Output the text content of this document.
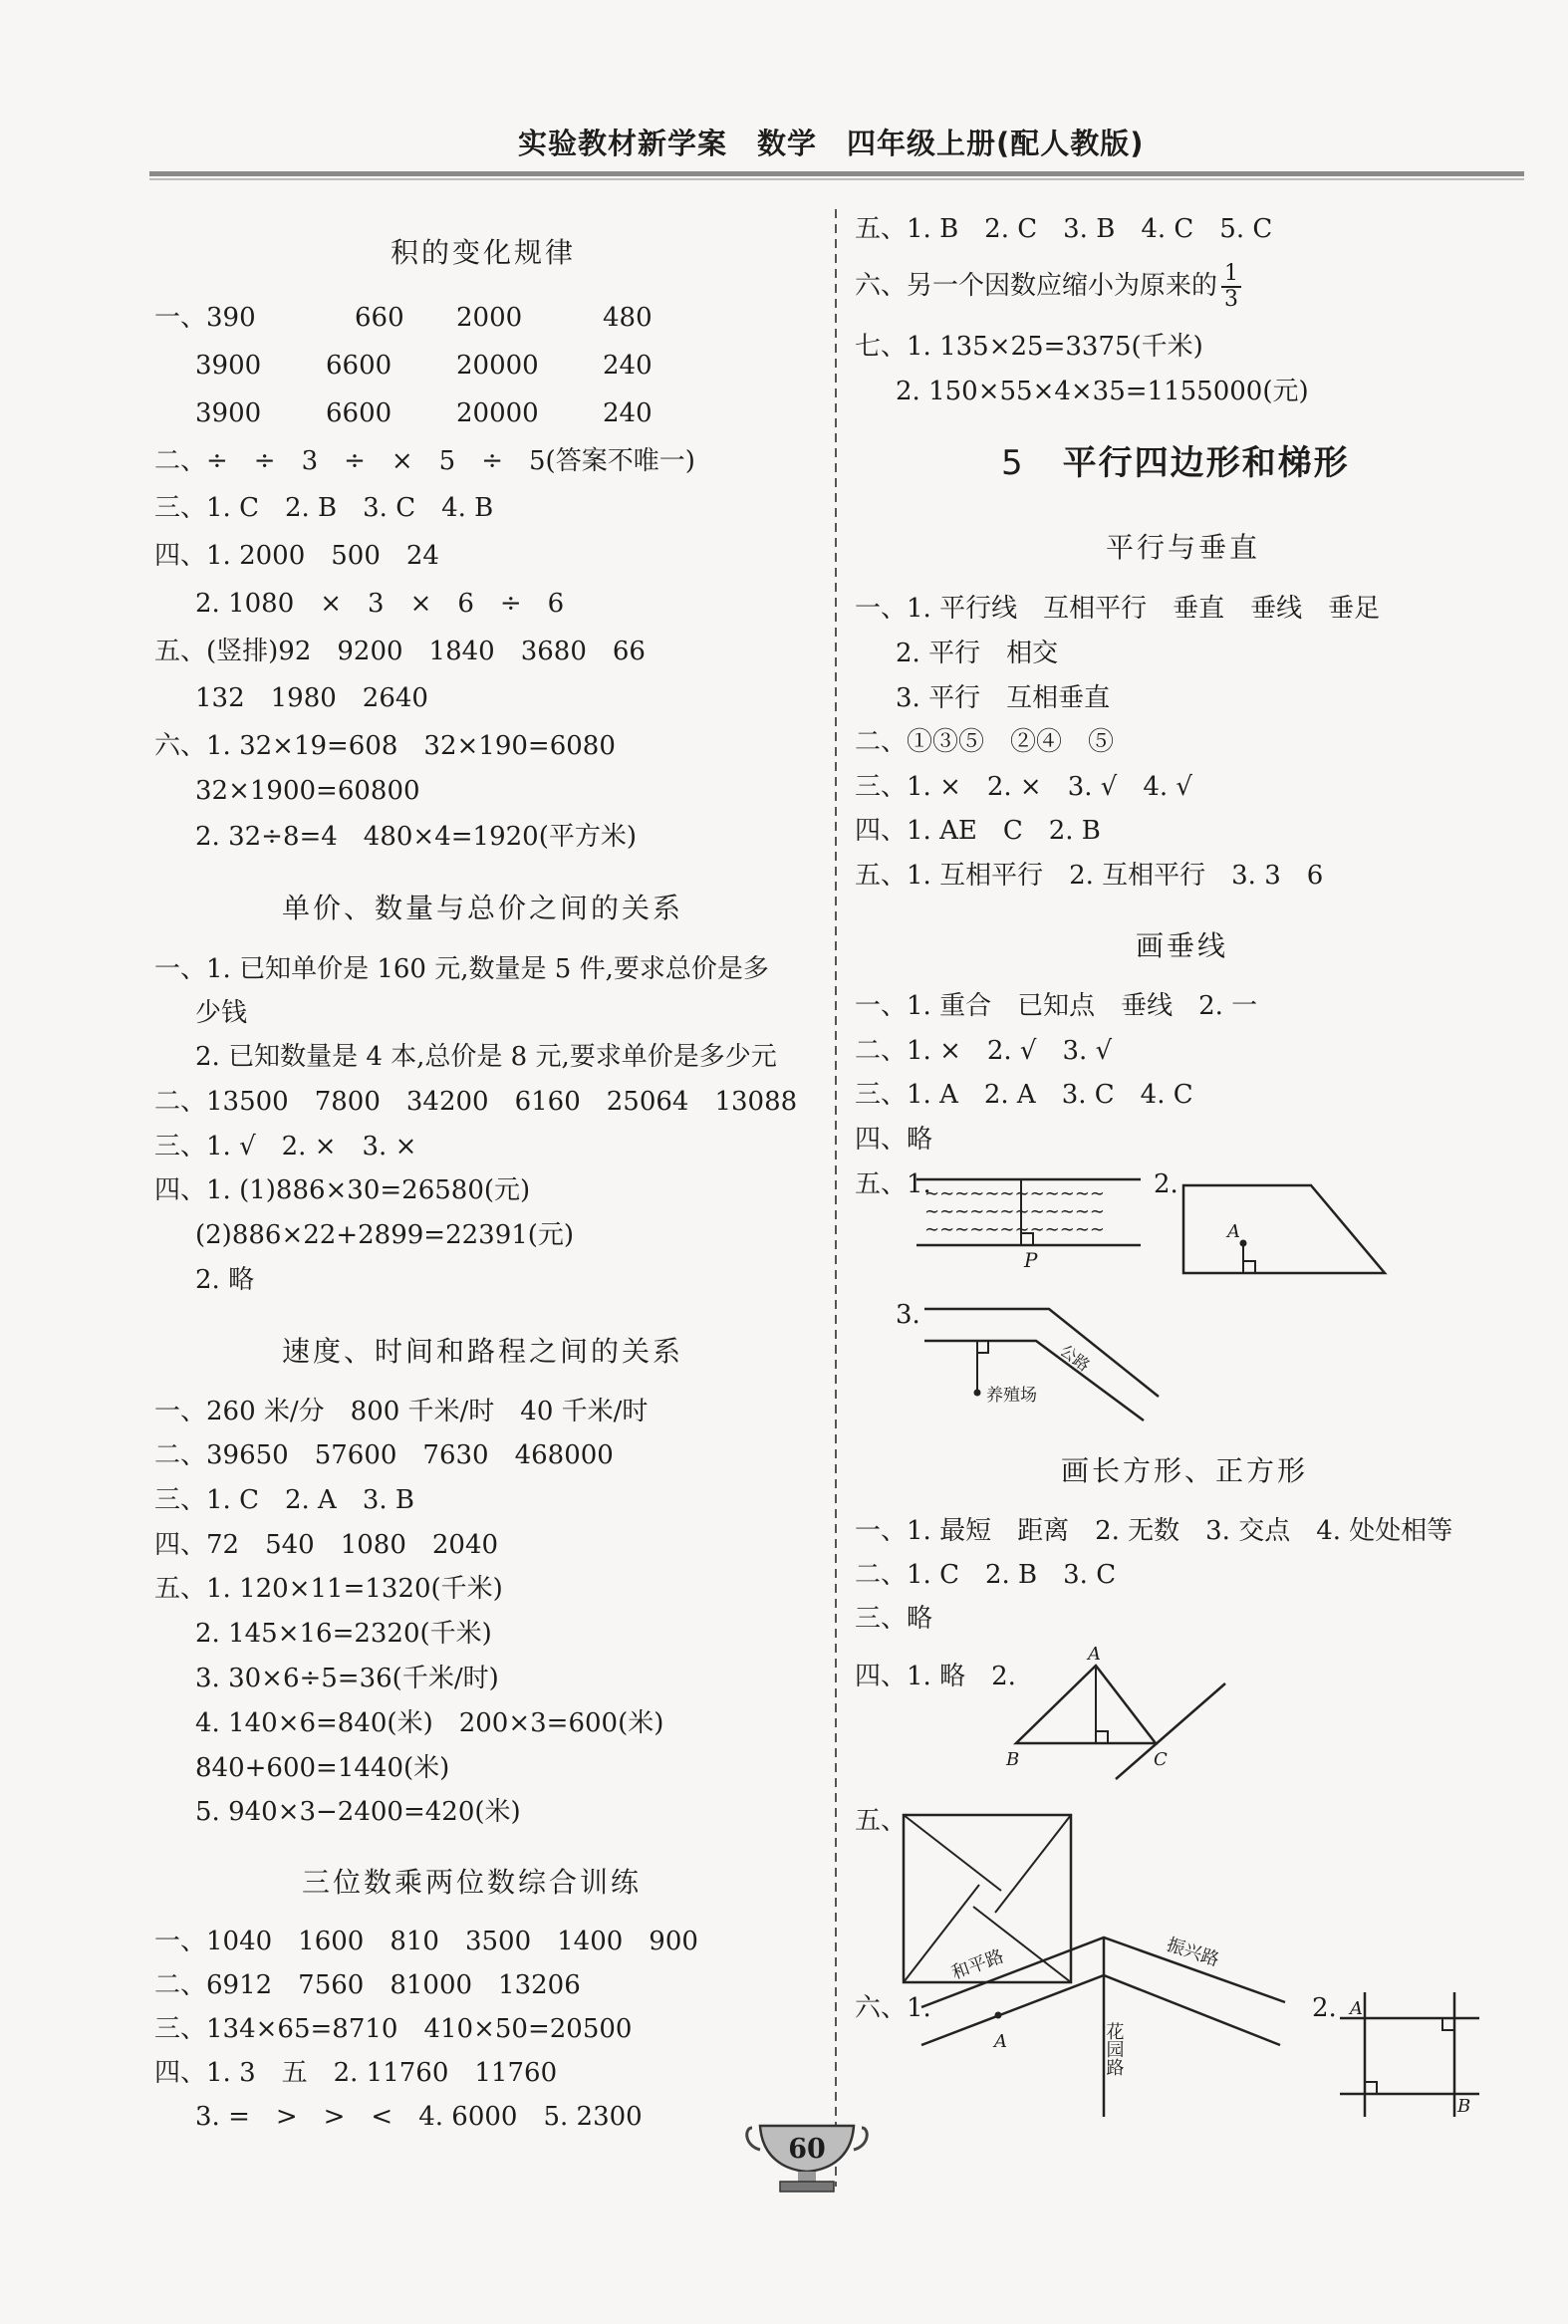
实验教材新学案　数学　四年级上册(配人教版)
积的变化规律
一、390	660 2000	480
3900 6600 20000 240
3900 6600 20000 240
二、÷　÷　3　÷　×　5　÷　5(答案不唯一)
三、1. C　2. B　3. C　4. B
四、1. 2000　500　24
2. 1080　×　3　×　6　÷　6
五、(竖排)92　9200　1840　3680　66
132　1980　2640
六、1. 32×19=608　32×190=6080
32×1900=60800
2. 32÷8=4　480×4=1920(平方米)
单价、数量与总价之间的关系
一、1. 已知单价是 160 元,数量是 5 件,要求总价是多
少钱
2. 已知数量是 4 本,总价是 8 元,要求单价是多少元
二、13500　7800　34200　6160　25064　13088
三、1. √　2. ×　3. ×
四、1. (1)886×30=26580(元)
(2)886×22+2899=22391(元)
2. 略
速度、时间和路程之间的关系
一、260 米/分　800 千米/时　40 千米/时
二、39650　57600　7630　468000
三、1. C　2. A　3. B
四、72　540　1080　2040
五、1. 120×11=1320(千米)
2. 145×16=2320(千米)
3. 30×6÷5=36(千米/时)
4. 140×6=840(米)　200×3=600(米)
840+600=1440(米)
5. 940×3−2400=420(米)
三位数乘两位数综合训练
一、1040　1600　810　3500　1400　900
二、6912　7560　81000　13206
三、134×65=8710　410×50=20500
四、1. 3　五　2. 11760　11760
3. =　>　>　<　4. 6000　5. 2300
五、1. B　2. C　3. B　4. C　5. C
六、另一个因数应缩小为原来的 $\frac{1}{3}$
七、1. 135×25=3375(千米)
2. 150×55×4×35=1155000(元)
5 平行四边形和梯形
平行与垂直
一、1. 平行线　互相平行　垂直　垂线　垂足
2. 平行　相交
3. 平行　互相垂直
二、①③⑤　②④　⑤
三、1. ×　2. ×　3. √　4. √
四、1. AE　C　2. B
五、1. 互相平行　2. 互相平行　3. 3　6
画垂线
一、1. 重合　已知点　垂线　2. 一
二、1. ×　2. √　3. √
三、1. A　2. A　3. C　4. C
四、略
五、1.	2.
3.
∼∼∼∼∼∼∼∼∼∼∼∼
∼∼∼∼∼∼∼∼∼∼∼∼
∼∼∼∼∼∼∼∼∼∼∼∼
P
A
养殖场
公路
画长方形、正方形
一、1. 最短　距离　2. 无数　3. 交点　4. 处处相等
二、1. C　2. B　3. C
三、略
四、1. 略　2.
五、
六、1.	2.
A
B	C
A
和平路	振兴路
花园路
A
B
60
